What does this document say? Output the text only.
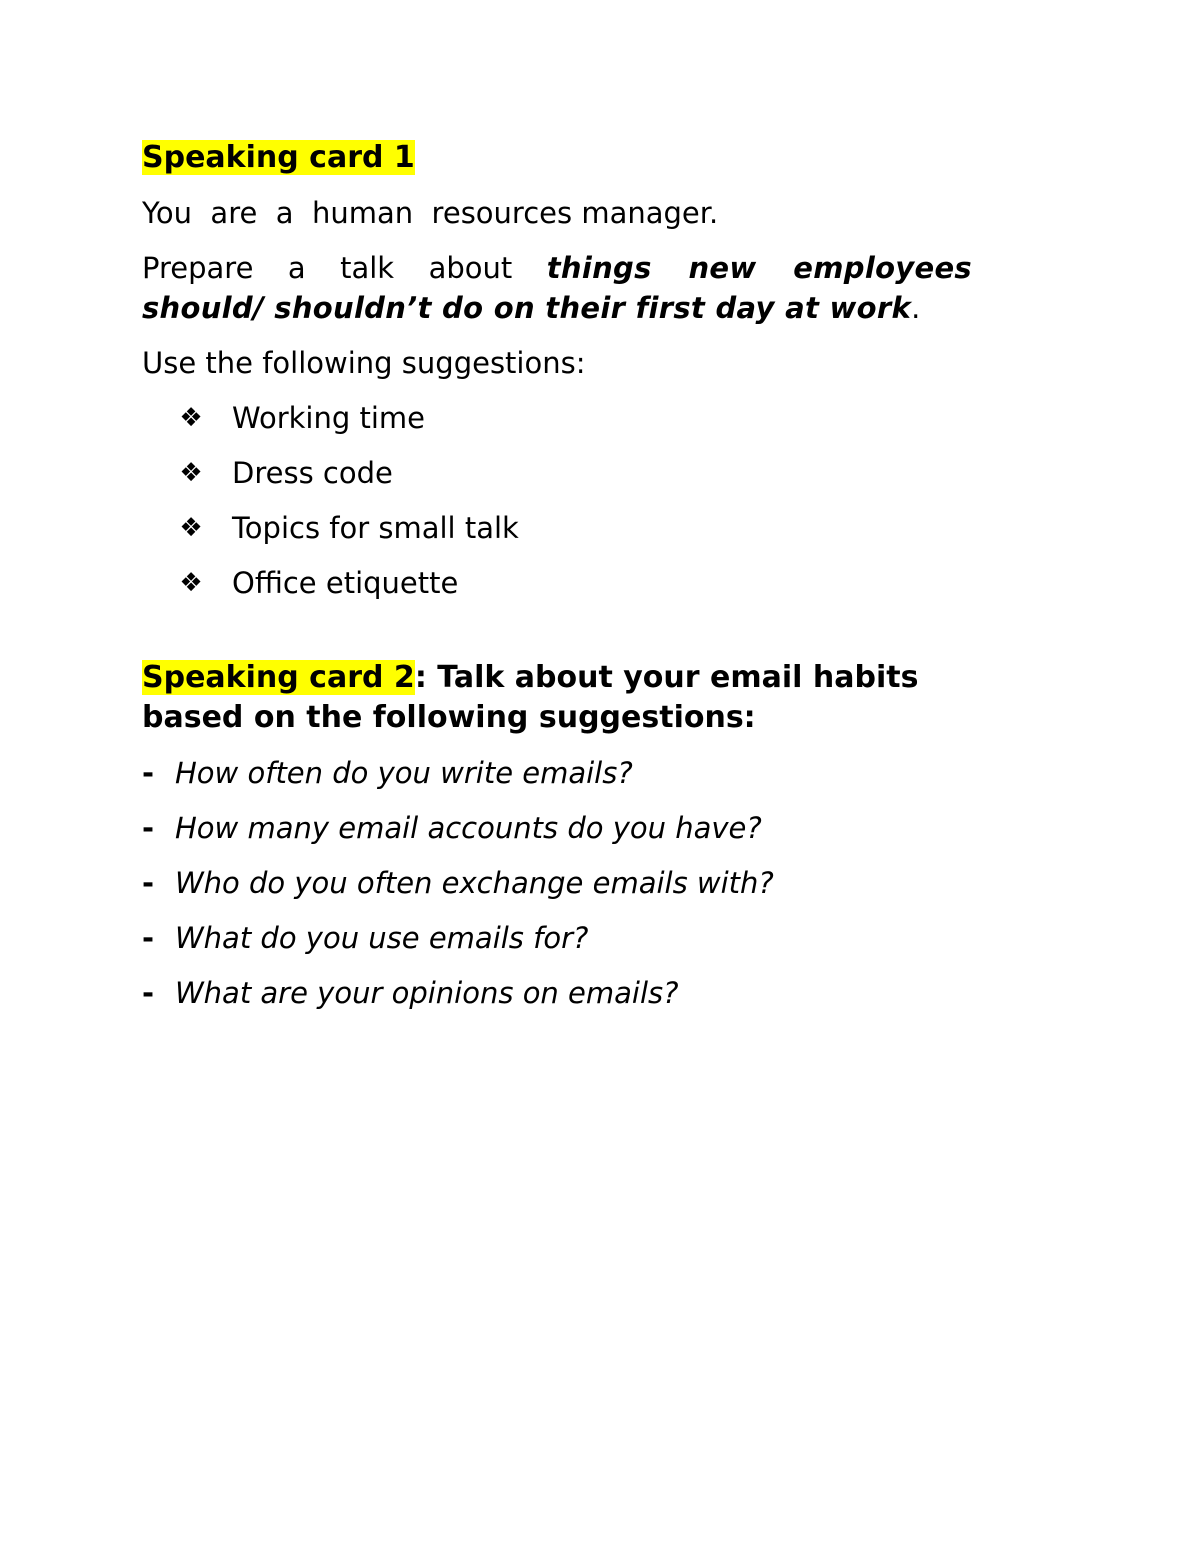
Speaking card 1
You  are  a  human  resources manager.
Prepare  a  talk  about  things  new  employees should/ shouldn’t do on their first day at work.
Use the following suggestions:
❖ Working time
❖ Dress code
❖ Topics for small talk
❖ Office etiquette
Speaking card 2: Talk about your email habits based on the following suggestions:
- How often do you write emails?
- How many email accounts do you have?
- Who do you often exchange emails with?
- What do you use emails for?
- What are your opinions on emails?
